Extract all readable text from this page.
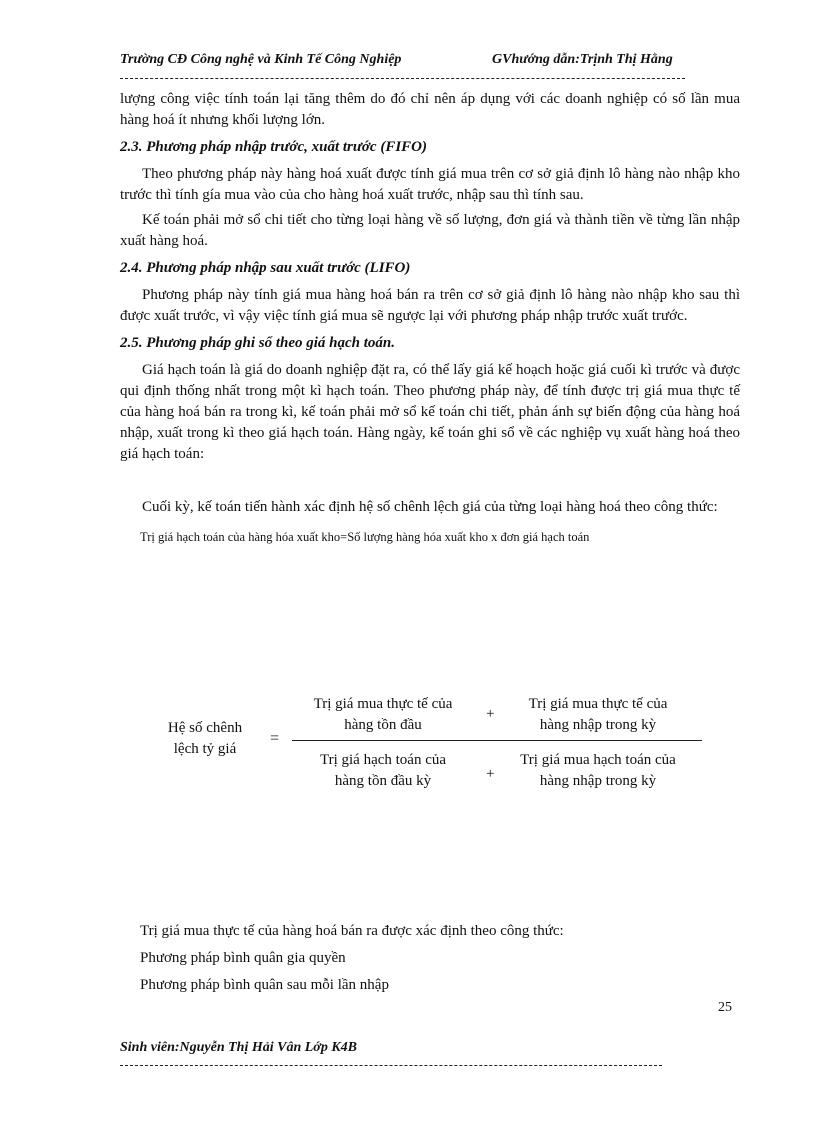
Trường CĐ Công nghệ và Kinh Tế Công Nghiệp	GVhướng dẫn:Trịnh Thị Hằng

lượng công việc tính toán lại tăng thêm do đó chỉ nên áp dụng với các doanh nghiệp có số lần mua hàng hoá ít nhưng khối lượng lớn.

2.3. Phương pháp nhập trước, xuất trước (FIFO)

Theo phương pháp này hàng hoá xuất được tính giá mua trên cơ sở giả định lô hàng nào nhập kho trước thì tính gía mua vào của cho hàng hoá xuất trước, nhập sau thì tính sau.

Kế toán phải mở sổ chi tiết cho từng loại hàng về số lượng, đơn giá và thành tiền về từng lần nhập xuất hàng hoá.

2.4. Phương pháp nhập sau xuất trước (LIFO)

Phương pháp này tính giá mua hàng hoá bán ra trên cơ sở giả định lô hàng nào nhập kho sau thì được xuất trước, vì vậy việc tính giá mua sẽ ngược lại với phương pháp nhập trước xuất trước.

2.5. Phương pháp ghi sổ theo giá hạch toán.

Giá hạch toán là giá do doanh nghiệp đặt ra, có thể lấy giá kế hoạch hoặc giá cuối kì trước và được qui định thống nhất trong một kì hạch toán. Theo phương pháp này, để tính được trị giá mua thực tế của hàng hoá bán ra trong kì, kế toán phải mở sổ kế toán chi tiết, phản ánh sự biến động của hàng hoá nhập, xuất trong kì theo giá hạch toán. Hàng ngày, kế toán ghi sổ về các nghiệp vụ xuất hàng hoá theo giá hạch toán:

Cuối kỳ, kế toán tiến hành xác định hệ số chênh lệch giá của từng loại hàng hoá theo công thức:

Trị giá hạch toán của hàng hóa xuất kho=Số lượng hàng hóa xuất kho x đơn giá hạch toán
Hệ số chênh
lệch tỷ giá
=
Trị giá mua thực tế của
hàng tồn đầu
+
Trị giá mua thực tế của
hàng nhập trong kỳ
Trị giá hạch toán của
hàng tồn đầu kỳ	+
Trị giá mua hạch toán của
hàng nhập trong kỳ
Trị giá mua thực tế của hàng hoá bán ra được xác định theo công thức:
Phương pháp bình quân gia quyền
Phương pháp bình quân sau mỗi lần nhập
25
Sinh viên:Nguyễn Thị Hải Vân Lớp K4B
